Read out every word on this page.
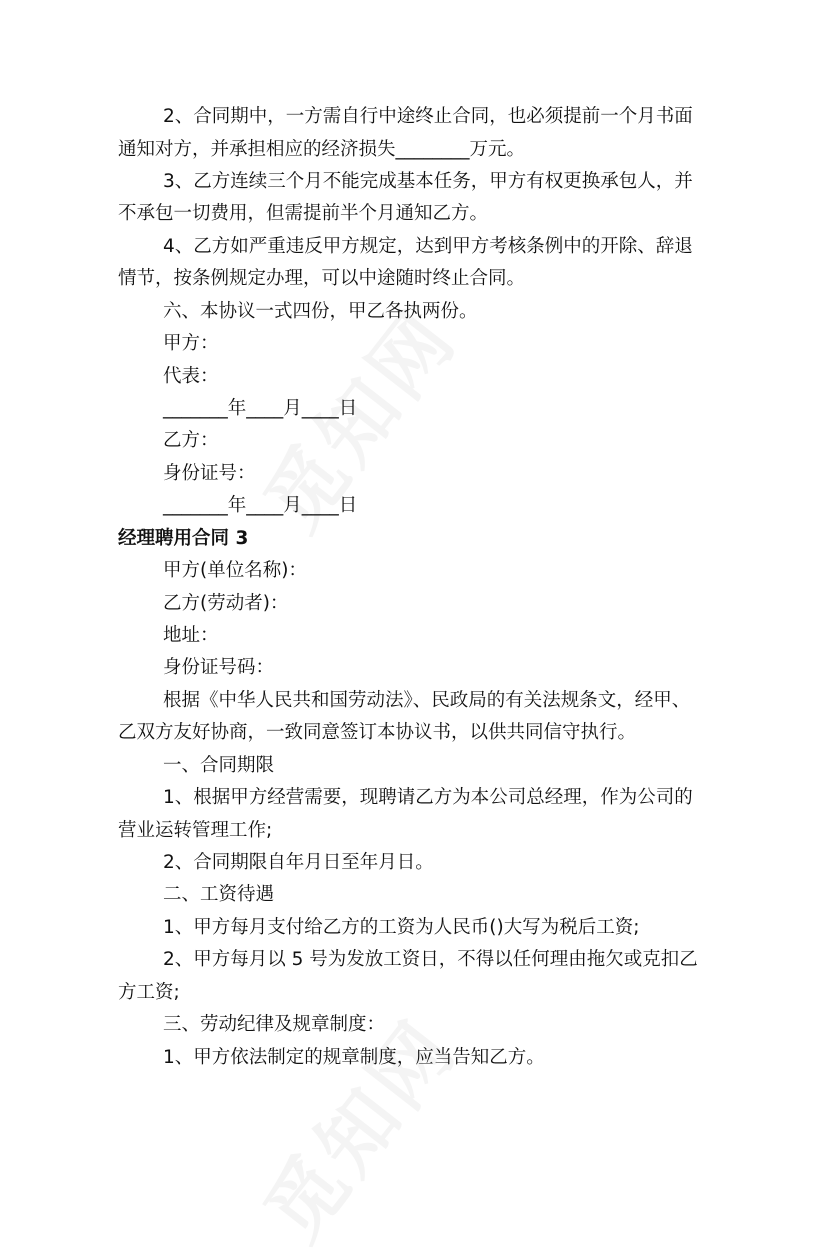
2、合同期中，一方需自行中途终止合同，也必须提前一个月书面
通知对方，并承担相应的经济损失________万元。
3、乙方连续三个月不能完成基本任务，甲方有权更换承包人，并
不承包一切费用，但需提前半个月通知乙方。
4、乙方如严重违反甲方规定，达到甲方考核条例中的开除、辞退
情节，按条例规定办理，可以中途随时终止合同。
六、本协议一式四份，甲乙各执两份。
甲方：
代表：
_______年____月____日
乙方：
身份证号：
_______年____月____日
经理聘用合同 3
甲方(单位名称)：
乙方(劳动者)：
地址：
身份证号码：
根据《中华人民共和国劳动法》、民政局的有关法规条文，经甲、
乙双方友好协商，一致同意签订本协议书，以供共同信守执行。
一、合同期限
1、根据甲方经营需要，现聘请乙方为本公司总经理，作为公司的
营业运转管理工作;
2、合同期限自年月日至年月日。
二、工资待遇
1、甲方每月支付给乙方的工资为人民币()大写为税后工资;
2、甲方每月以 5 号为发放工资日，不得以任何理由拖欠或克扣乙
方工资;
三、劳动纪律及规章制度：
1、甲方依法制定的规章制度，应当告知乙方。
